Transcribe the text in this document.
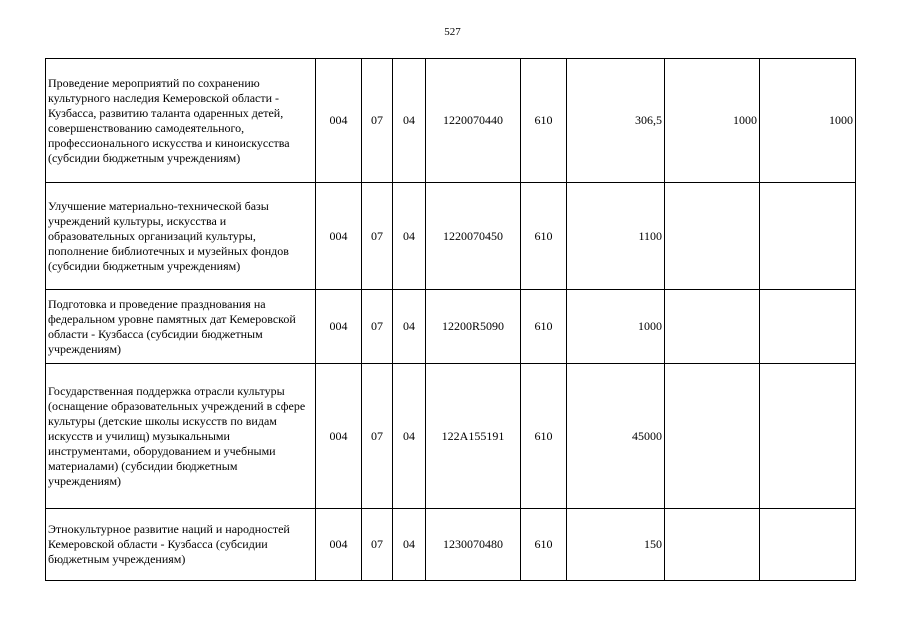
527
Проведение мероприятий по сохранению культурного наследия Кемеровской области - Кузбасса, развитию таланта одаренных детей, совершенствованию самодеятельного, профессионального искусства и киноискусства (субсидии бюджетным учреждениям)	004	07	04	1220070440	610	306,5	1000	1000
Улучшение материально-технической базы учреждений культуры, искусства и образовательных организаций культуры, пополнение библиотечных и музейных фондов (субсидии бюджетным учреждениям)	004	07	04	1220070450	610	1100		
Подготовка и проведение празднования на федеральном уровне памятных дат Кемеровской области - Кузбасса (субсидии бюджетным учреждениям)	004	07	04	12200R5090	610	1000		
Государственная поддержка отрасли культуры (оснащение образовательных учреждений в сфере культуры (детские школы искусств по видам искусств и училищ) музыкальными инструментами, оборудованием и учебными материалами) (субсидии бюджетным учреждениям)	004	07	04	122A155191	610	45000		
Этнокультурное развитие наций и народностей Кемеровской области - Кузбасса (субсидии бюджетным учреждениям)	004	07	04	1230070480	610	150		
